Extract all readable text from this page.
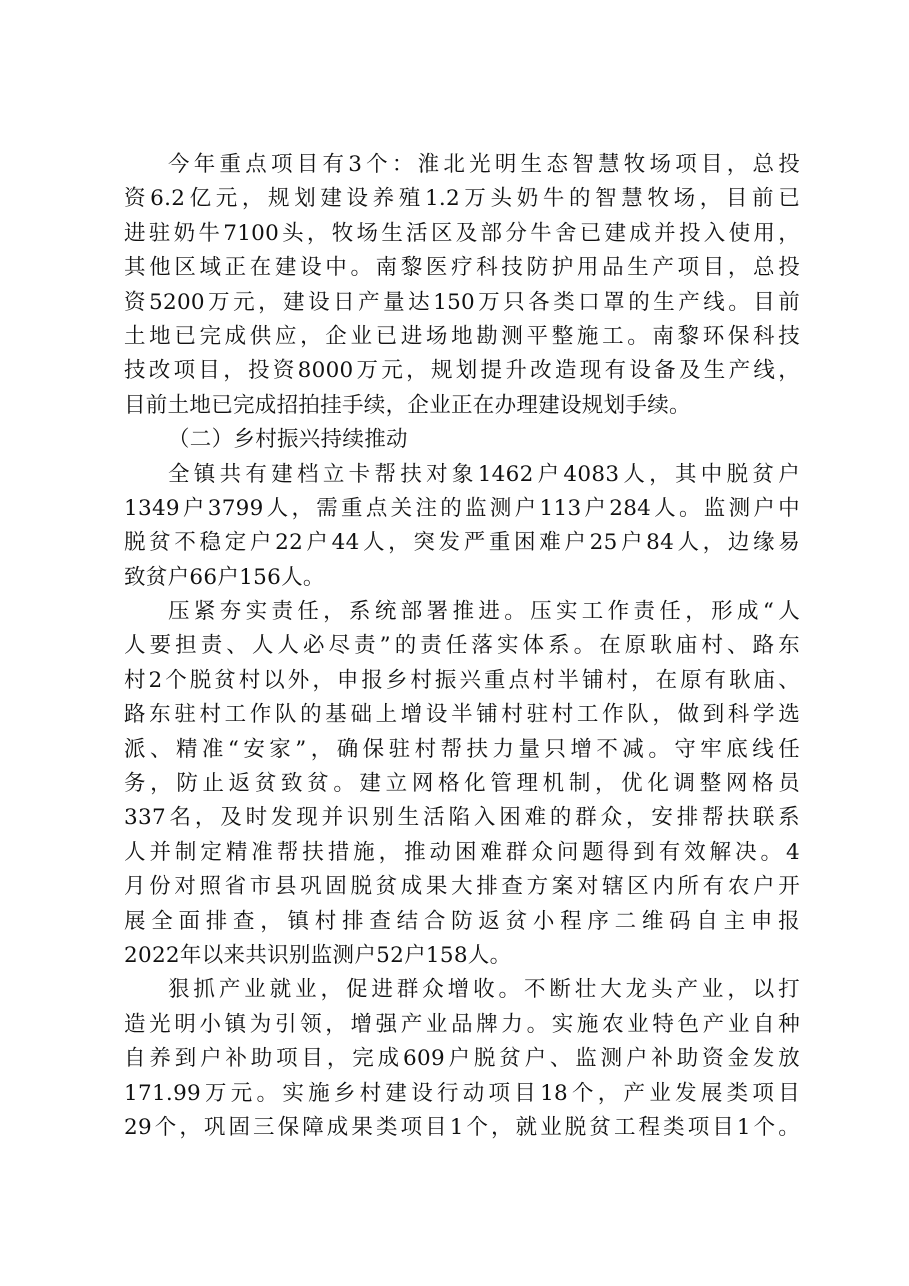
今年重点项目有3个：淮北光明生态智慧牧场项目，总投
资6.2亿元，规划建设养殖1.2万头奶牛的智慧牧场，目前已
进驻奶牛7100头，牧场生活区及部分牛舍已建成并投入使用，
其他区域正在建设中。南黎医疗科技防护用品生产项目，总投
资5200万元，建设日产量达150万只各类口罩的生产线。目前
土地已完成供应，企业已进场地勘测平整施工。南黎环保科技
技改项目，投资8000万元，规划提升改造现有设备及生产线，
目前土地已完成招拍挂手续，企业正在办理建设规划手续。
（二）乡村振兴持续推动
全镇共有建档立卡帮扶对象1462户4083人，其中脱贫户
1349户3799人，需重点关注的监测户113户284人。监测户中
脱贫不稳定户22户44人，突发严重困难户25户84人，边缘易
致贫户66户156人。
压紧夯实责任，系统部署推进。压实工作责任，形成“人
人要担责、人人必尽责”的责任落实体系。在原耿庙村、路东
村2个脱贫村以外，申报乡村振兴重点村半铺村，在原有耿庙、
路东驻村工作队的基础上增设半铺村驻村工作队，做到科学选
派、精准“安家”，确保驻村帮扶力量只增不减。守牢底线任
务，防止返贫致贫。建立网格化管理机制，优化调整网格员
337名，及时发现并识别生活陷入困难的群众，安排帮扶联系
人并制定精准帮扶措施，推动困难群众问题得到有效解决。4
月份对照省市县巩固脱贫成果大排查方案对辖区内所有农户开
展全面排查，镇村排查结合防返贫小程序二维码自主申报
2022年以来共识别监测户52户158人。
狠抓产业就业，促进群众增收。不断壮大龙头产业，以打
造光明小镇为引领，增强产业品牌力。实施农业特色产业自种
自养到户补助项目，完成609户脱贫户、监测户补助资金发放
171.99万元。实施乡村建设行动项目18个，产业发展类项目
29个，巩固三保障成果类项目1个，就业脱贫工程类项目1个。
